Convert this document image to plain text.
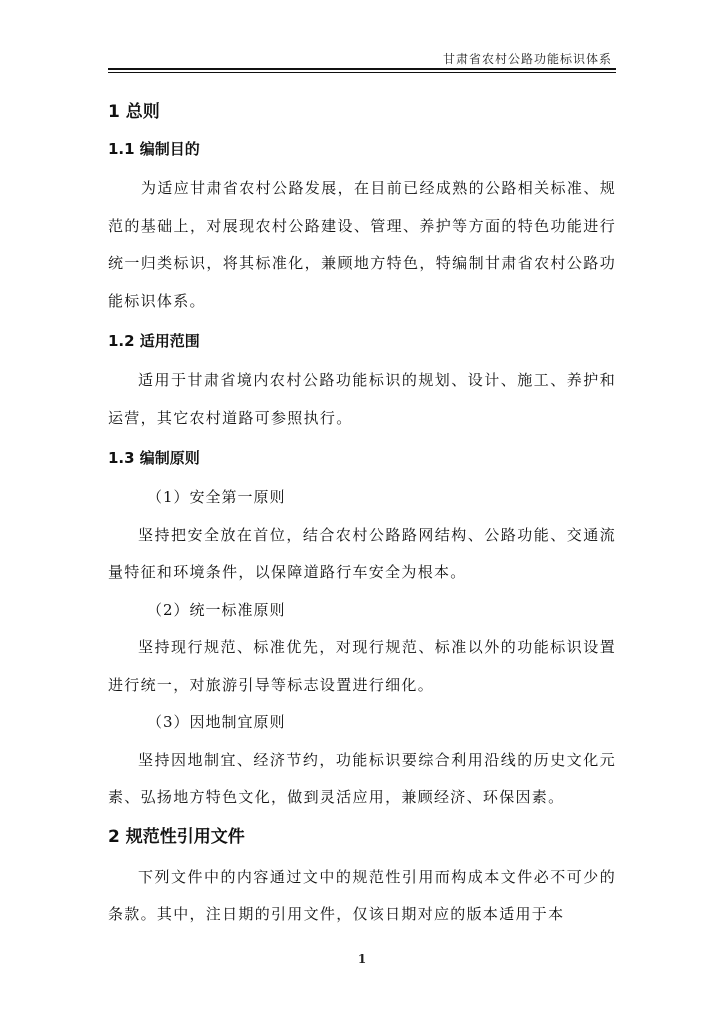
甘肃省农村公路功能标识体系
1 总则
1.1 编制目的

为适应甘肃省农村公路发展，在目前已经成熟的公路相关标准、规范的基础上，对展现农村公路建设、管理、养护等方面的特色功能进行统一归类标识，将其标准化，兼顾地方特色，特编制甘肃省农村公路功能标识体系。

1.2 适用范围

适用于甘肃省境内农村公路功能标识的规划、设计、施工、养护和运营，其它农村道路可参照执行。

1.3 编制原则

（1）安全第一原则

坚持把安全放在首位，结合农村公路路网结构、公路功能、交通流量特征和环境条件，以保障道路行车安全为根本。

（2）统一标准原则

坚持现行规范、标准优先，对现行规范、标准以外的功能标识设置进行统一，对旅游引导等标志设置进行细化。

（3）因地制宜原则

坚持因地制宜、经济节约，功能标识要综合利用沿线的历史文化元素、弘扬地方特色文化，做到灵活应用，兼顾经济、环保因素。

2 规范性引用文件

下列文件中的内容通过文中的规范性引用而构成本文件必不可少的条款。其中，注日期的引用文件，仅该日期对应的版本适用于本

1
